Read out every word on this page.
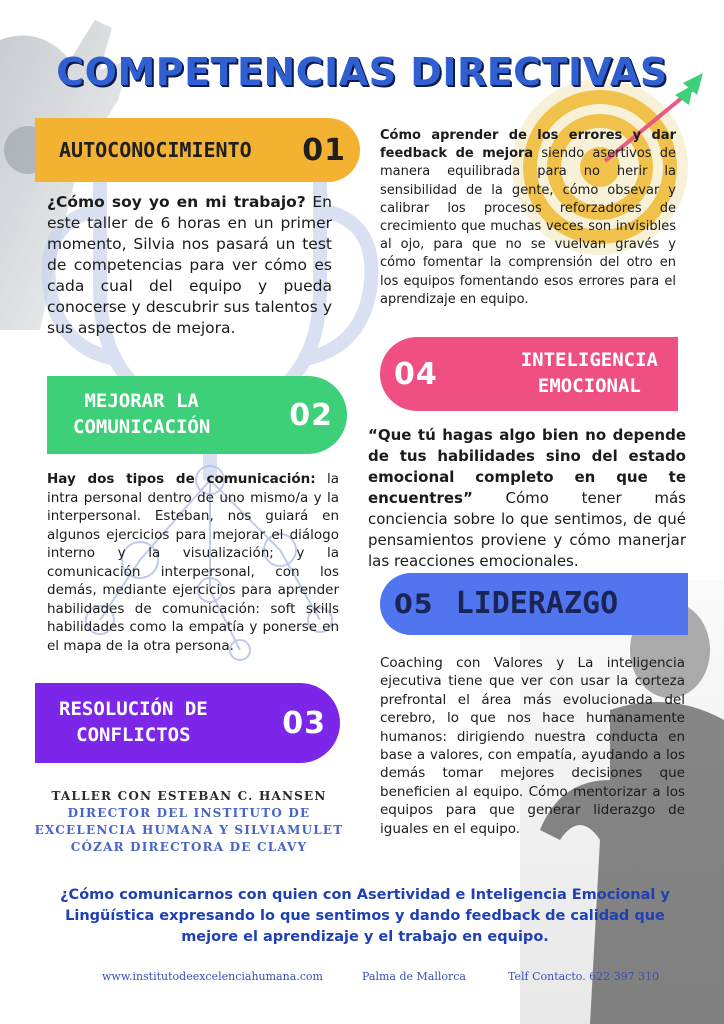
COMPETENCIAS DIRECTIVAS
AUTOCONOCIMIENTO 01
¿Cómo soy yo en mi trabajo? En este taller de 6 horas en un primer momento, Silvia nos pasará un test de competencias para ver cómo es cada cual del equipo y pueda conocerse y descubrir sus talentos y sus aspectos de mejora.
MEJORAR LA
COMUNICACIÓN	02
Hay dos tipos de comunicación: la intra personal dentro de uno mismo/a y la interpersonal. Esteban, nos guiará en algunos ejercicios para mejorar el diálogo interno y la visualización; y la comunicación interpersonal, con los demás, mediante ejercicios para aprender habilidades de comunicación: soft skills habilidades como la empatía y ponerse en el mapa de la otra persona.
RESOLUCIÓN DE
CONFLICTOS	03
Cómo aprender de los errores y dar feedback de mejora siendo asertivos de manera equilibrada para no herir la sensibilidad de la gente, cómo obsevar y calibrar los procesos reforzadores de crecimiento que muchas veces son invisibles al ojo, para que no se vuelvan gravés y cómo fomentar la comprensión del otro en los equipos fomentando esos errores para el aprendizaje en equipo.
04	INTELIGENCIA
EMOCIONAL
“Que tú hagas algo bien no depende de tus habilidades sino del estado emocional completo en que te encuentres” Cómo tener más conciencia sobre lo que sentimos, de qué pensamientos proviene y cómo manerjar las reacciones emocionales.
05 LIDERAZGO
Coaching con Valores y La inteligencia ejecutiva tiene que ver con usar la corteza prefrontal el área más evolucionada del cerebro, lo que nos hace humanamente humanos: dirigiendo nuestra conducta en base a valores, con empatía, ayudando a los demás tomar mejores decisiones que beneficien al equipo. Cómo mentorizar a los equipos para que generar liderazgo de iguales en el equipo.
TALLER CON ESTEBAN C. HANSEN
DIRECTOR DEL INSTITUTO DE EXCELENCIA HUMANA Y SILVIAMULET CÓZAR DIRECTORA DE CLAVY
¿Cómo comunicarnos con quien con Asertividad e Inteligencia Emocional y Lingüística expresando lo que sentimos y dando feedback de calidad que mejore el aprendizaje y el trabajo en equipo.
www.institutodeexcelenciahumana.com	Palma de Mallorca	Telf Contacto. 622 397 310
